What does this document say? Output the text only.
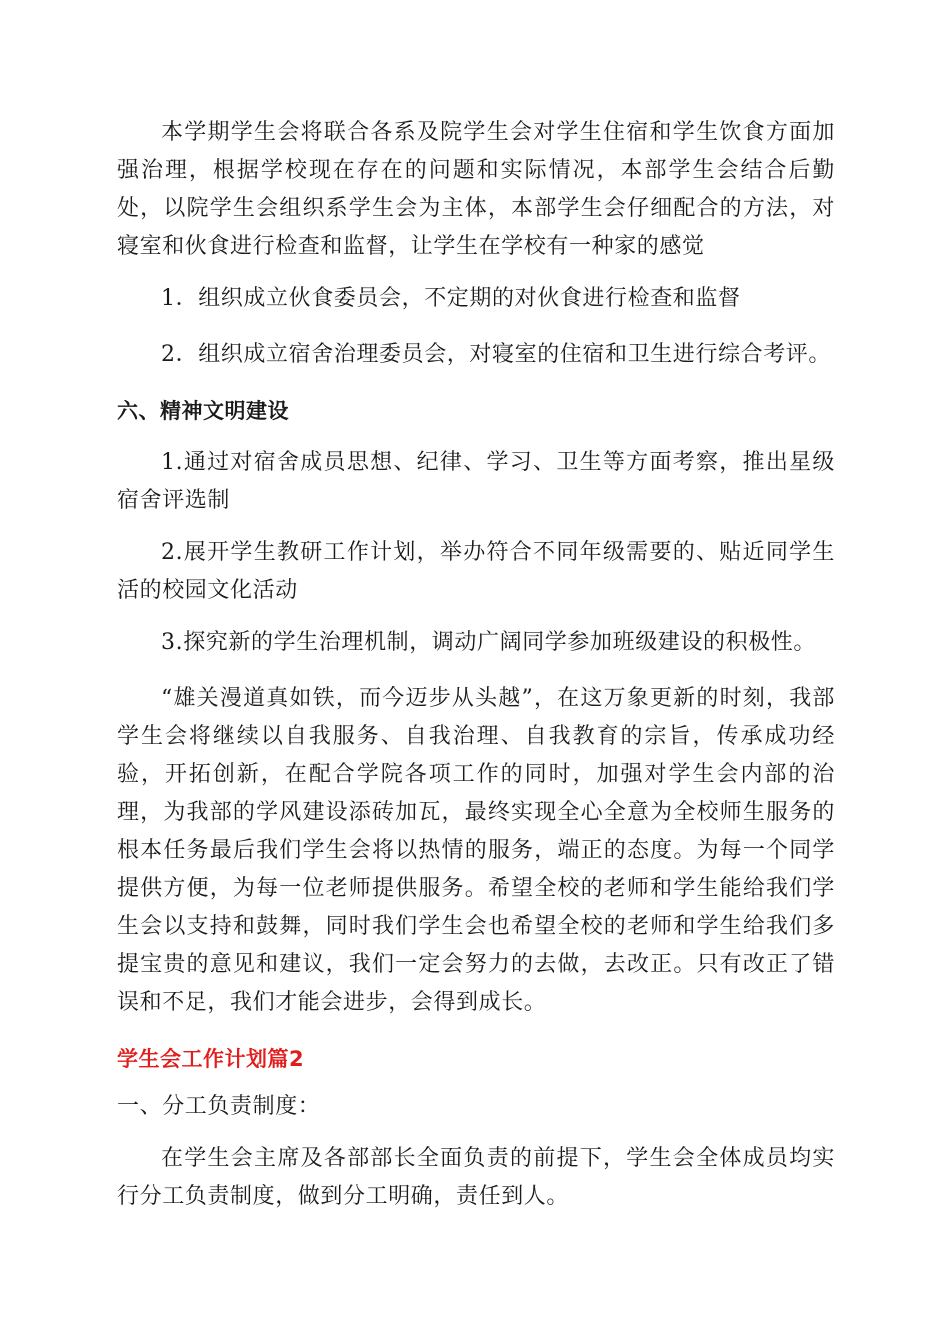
本学期学生会将联合各系及院学生会对学生住宿和学生饮食方面加强治理，根据学校现在存在的问题和实际情况，本部学生会结合后勤处，以院学生会组织系学生会为主体，本部学生会仔细配合的方法，对寝室和伙食进行检查和监督，让学生在学校有一种家的感觉

1．组织成立伙食委员会，不定期的对伙食进行检查和监督

2．组织成立宿舍治理委员会，对寝室的住宿和卫生进行综合考评。

六、精神文明建设

1.通过对宿舍成员思想、纪律、学习、卫生等方面考察，推出星级宿舍评选制

2.展开学生教研工作计划，举办符合不同年级需要的、贴近同学生活的校园文化活动

3.探究新的学生治理机制，调动广阔同学参加班级建设的积极性。

“雄关漫道真如铁，而今迈步从头越”，在这万象更新的时刻，我部学生会将继续以自我服务、自我治理、自我教育的宗旨，传承成功经验，开拓创新，在配合学院各项工作的同时，加强对学生会内部的治理，为我部的学风建设添砖加瓦，最终实现全心全意为全校师生服务的根本任务最后我们学生会将以热情的服务，端正的态度。为每一个同学提供方便，为每一位老师提供服务。希望全校的老师和学生能给我们学生会以支持和鼓舞，同时我们学生会也希望全校的老师和学生给我们多提宝贵的意见和建议，我们一定会努力的去做，去改正。只有改正了错误和不足，我们才能会进步，会得到成长。

学生会工作计划篇2

一、分工负责制度：

在学生会主席及各部部长全面负责的前提下，学生会全体成员均实行分工负责制度，做到分工明确，责任到人。
